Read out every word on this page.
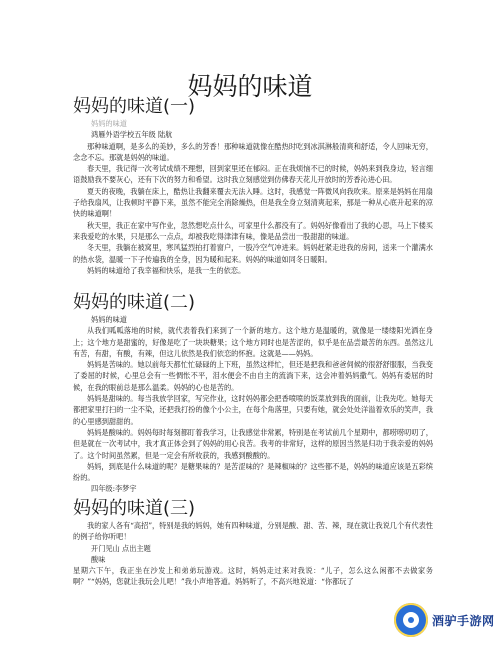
妈妈的味道
妈妈的味道(一)

妈妈的味道

鸿雁外语学校五年级 陆航

那种味道啊，是多么的美妙，多么的芳香！那种味道就像在酷热时吃到冰淇淋般清爽和舒适，令人回味无穷，念念不忘。那就是妈妈的味道。

春天里，我记得一次考试成绩不理想，回到家里还在郁闷。正在我烦恼不已的时候，妈妈来到我身边，轻言细语鼓励我不要灰心，还有下次的努力和希望。这时我立刻感觉到仿佛春天花儿开放时的芳香沁进心田。

夏天的夜晚，我躺在床上，酷热让我翻来覆去无法入睡。这时，我感觉一阵微风向我吹来。原来是妈妈在用扇子给我扇风，让我顿时平静下来，虽然不能完全消除燥热，但是我全身立刻清爽起来，那是一种从心底升起来的凉快的味道啊！

秋天里，我正在家中写作业，忽然想吃点什么，可家里什么都没有了。妈妈好像看出了我的心思，马上下楼买来我爱吃的水果，只是那么一点点，却被我吃得津津有味，像是品尝出一股甜甜的味道。

冬天里，我躺在被窝里，寒风猛烈拍打着窗户，一股冷空气冲进来。妈妈赶紧走进我的房间，送来一个灌满水的热水袋，温暖一下子传遍我的全身，因为暖和起来。妈妈的味道如同冬日暖阳。

妈妈的味道给了我幸福和快乐，是我一生的依恋。

妈妈的味道(二)

妈妈的味道

从我们呱呱落地的时候，就代表着我们来到了一个新的地方。这个地方是温暖的，就像是一缕缕阳光洒在身上；这个地方是甜蜜的，好像是吃了一块块糖果；这个地方同时也是苦涩的，似乎是在品尝最苦的东西。虽然这儿有苦，有甜，有酸，有辣，但这儿依然是我们依恋的怀抱。这就是——妈妈。

妈妈是苦味的。她以前每天都忙忙碌碌的上下班，虽然这样忙，但还是把我和爸爸伺候的很舒舒服服，当我变了委屈的时候，心里总会有一些惆怅不平，泪水便会不由自主的流淌下来，这会冲着妈妈撒气。妈妈有委屈的时候，在我的眼前总是那么温柔。妈妈的心也是苦的。

妈妈是甜味的。每当我放学回家，写完作业，这时妈妈都会把香喷喷的饭菜放到我的面前，让我先吃。她每天都把家里打扫的一尘不染，还把我打扮的像个小公主，在每个角落里，只要有她，就会处处洋溢着欢乐的笑声，我的心里感到甜甜的。

妈妈是酸味的。妈妈每时每刻都盯着我学习，让我感觉非常累，特别是在考试前几个星期中，都唠唠叨叨了，但是就在一次考试中，我才真正体会到了妈妈的用心良苦。我考的非常好，这样的原因当然是归功于我亲爱的妈妈了。这个时间虽然累，但是一定会有所收获的，我感到酸酸的。

妈妈，到底是什么味道的呢？是糖果味的？是苦涩味的？是辣椒味的？这些都不是，妈妈的味道应该是五彩缤纷的。

四年级:李梦宇

妈妈的味道(三)

我的家人各有“高招”，特别是我的妈妈，她有四种味道，分别是酸、甜、苦、辣，现在就让我说几个有代表性的例子给你听吧！

开门见山 点出主题

酸味

星期六下午，我正坐在沙发上和弟弟玩游戏。这时，妈妈走过来对我说：“儿子，怎么这么闲都不去做家务啊？”“妈妈，您就让我玩会儿吧！”我小声地答道。妈妈听了，不高兴地说道：“你都玩了

酒驴手游网
